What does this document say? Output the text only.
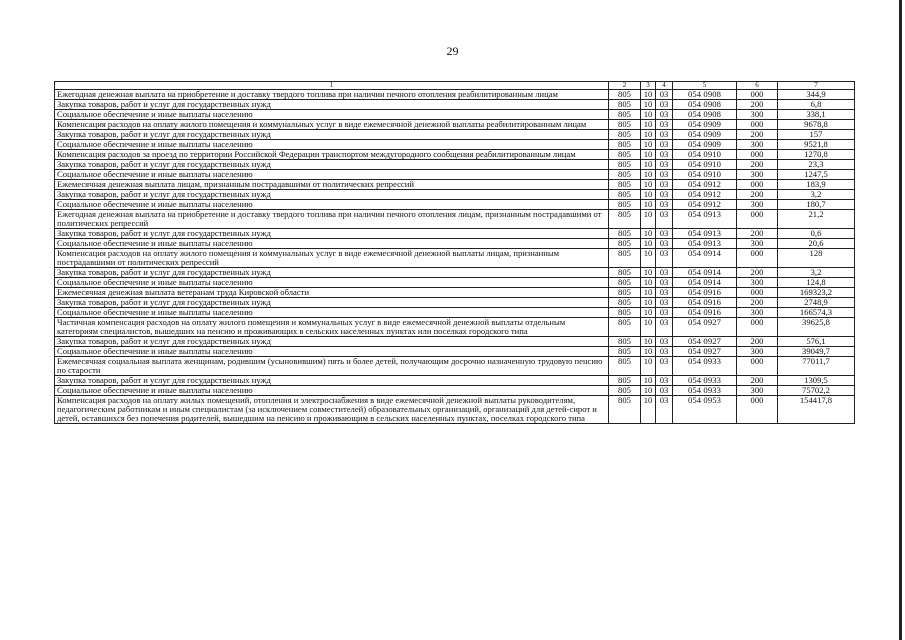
29
1	2	3	4	5	6	7
Ежегодная денежная выплата на приобретение и доставку твердого топлива при наличии печного отопления реабилитированным лицам	805	10	03	054 0908	000	344,9
Закупка товаров, работ и услуг для государственных нужд	805	10	03	054 0908	200	6,8
Социальное обеспечение и иные выплаты населению	805	10	03	054 0908	300	338,1
Компенсация расходов на оплату жилого помещения и коммунальных услуг в виде ежемесячной денежной выплаты реабилитированным лицам	805	10	03	054 0909	000	9678,8
Закупка товаров, работ и услуг для государственных нужд	805	10	03	054 0909	200	157
Социальное обеспечение и иные выплаты населению	805	10	03	054 0909	300	9521,8
Компенсация расходов за проезд по территории Российской Федерации транспортом междугородного сообщения реабилитированным лицам	805	10	03	054 0910	000	1270,8
Закупка товаров, работ и услуг для государственных нужд	805	10	03	054 0910	200	23,3
Социальное обеспечение и иные выплаты населению	805	10	03	054 0910	300	1247,5
Ежемесячная денежная выплата лицам, признанным пострадавшими от политических репрессий	805	10	03	054 0912	000	183,9
Закупка товаров, работ и услуг для государственных нужд	805	10	03	054 0912	200	3,2
Социальное обеспечение и иные выплаты населению	805	10	03	054 0912	300	180,7
Ежегодная денежная выплата на приобретение и доставку твердого топлива при наличии печного отопления лицам, признанным пострадавшими от политических репрессий	805	10	03	054 0913	000	21,2
Закупка товаров, работ и услуг для государственных нужд	805	10	03	054 0913	200	0,6
Социальное обеспечение и иные выплаты населению	805	10	03	054 0913	300	20,6
Компенсация расходов на оплату жилого помещения и коммунальных услуг в виде ежемесячной денежной выплаты лицам, признанным пострадавшими от политических репрессий	805	10	03	054 0914	000	128
Закупка товаров, работ и услуг для государственных нужд	805	10	03	054 0914	200	3,2
Социальное обеспечение и иные выплаты населению	805	10	03	054 0914	300	124,8
Ежемесячная денежная выплата ветеранам труда Кировской области	805	10	03	054 0916	000	169323,2
Закупка товаров, работ и услуг для государственных нужд	805	10	03	054 0916	200	2748,9
Социальное обеспечение и иные выплаты населению	805	10	03	054 0916	300	166574,3
Частичная компенсация расходов на оплату жилого помещения и коммунальных услуг в виде ежемесячной денежной выплаты отдельным категориям специалистов, вышедших на пенсию и проживающих в сельских населенных пунктах или поселках городского типа	805	10	03	054 0927	000	39625,8
Закупка товаров, работ и услуг для государственных нужд	805	10	03	054 0927	200	576,1
Социальное обеспечение и иные выплаты населению	805	10	03	054 0927	300	39049,7
Ежемесячная социальная выплата женщинам, родившим (усыновившим) пять и более детей, получающим досрочно назначенную трудовую пенсию по старости	805	10	03	054 0933	000	77011,7
Закупка товаров, работ и услуг для государственных нужд	805	10	03	054 0933	200	1309,5
Социальное обеспечение и иные выплаты населению	805	10	03	054 0933	300	75702,2
Компенсация расходов на оплату жилых помещений, отопления и электроснабжения в виде ежемесячной денежной выплаты руководителям, педагогическим работникам и иным специалистам (за исключением совместителей) образовательных организаций, организаций для детей-сирот и детей, оставшихся без попечения родителей, вышедшим на пенсию и проживающим в сельских населенных пунктах, поселках городского типа	805	10	03	054 0953	000	154417,8
